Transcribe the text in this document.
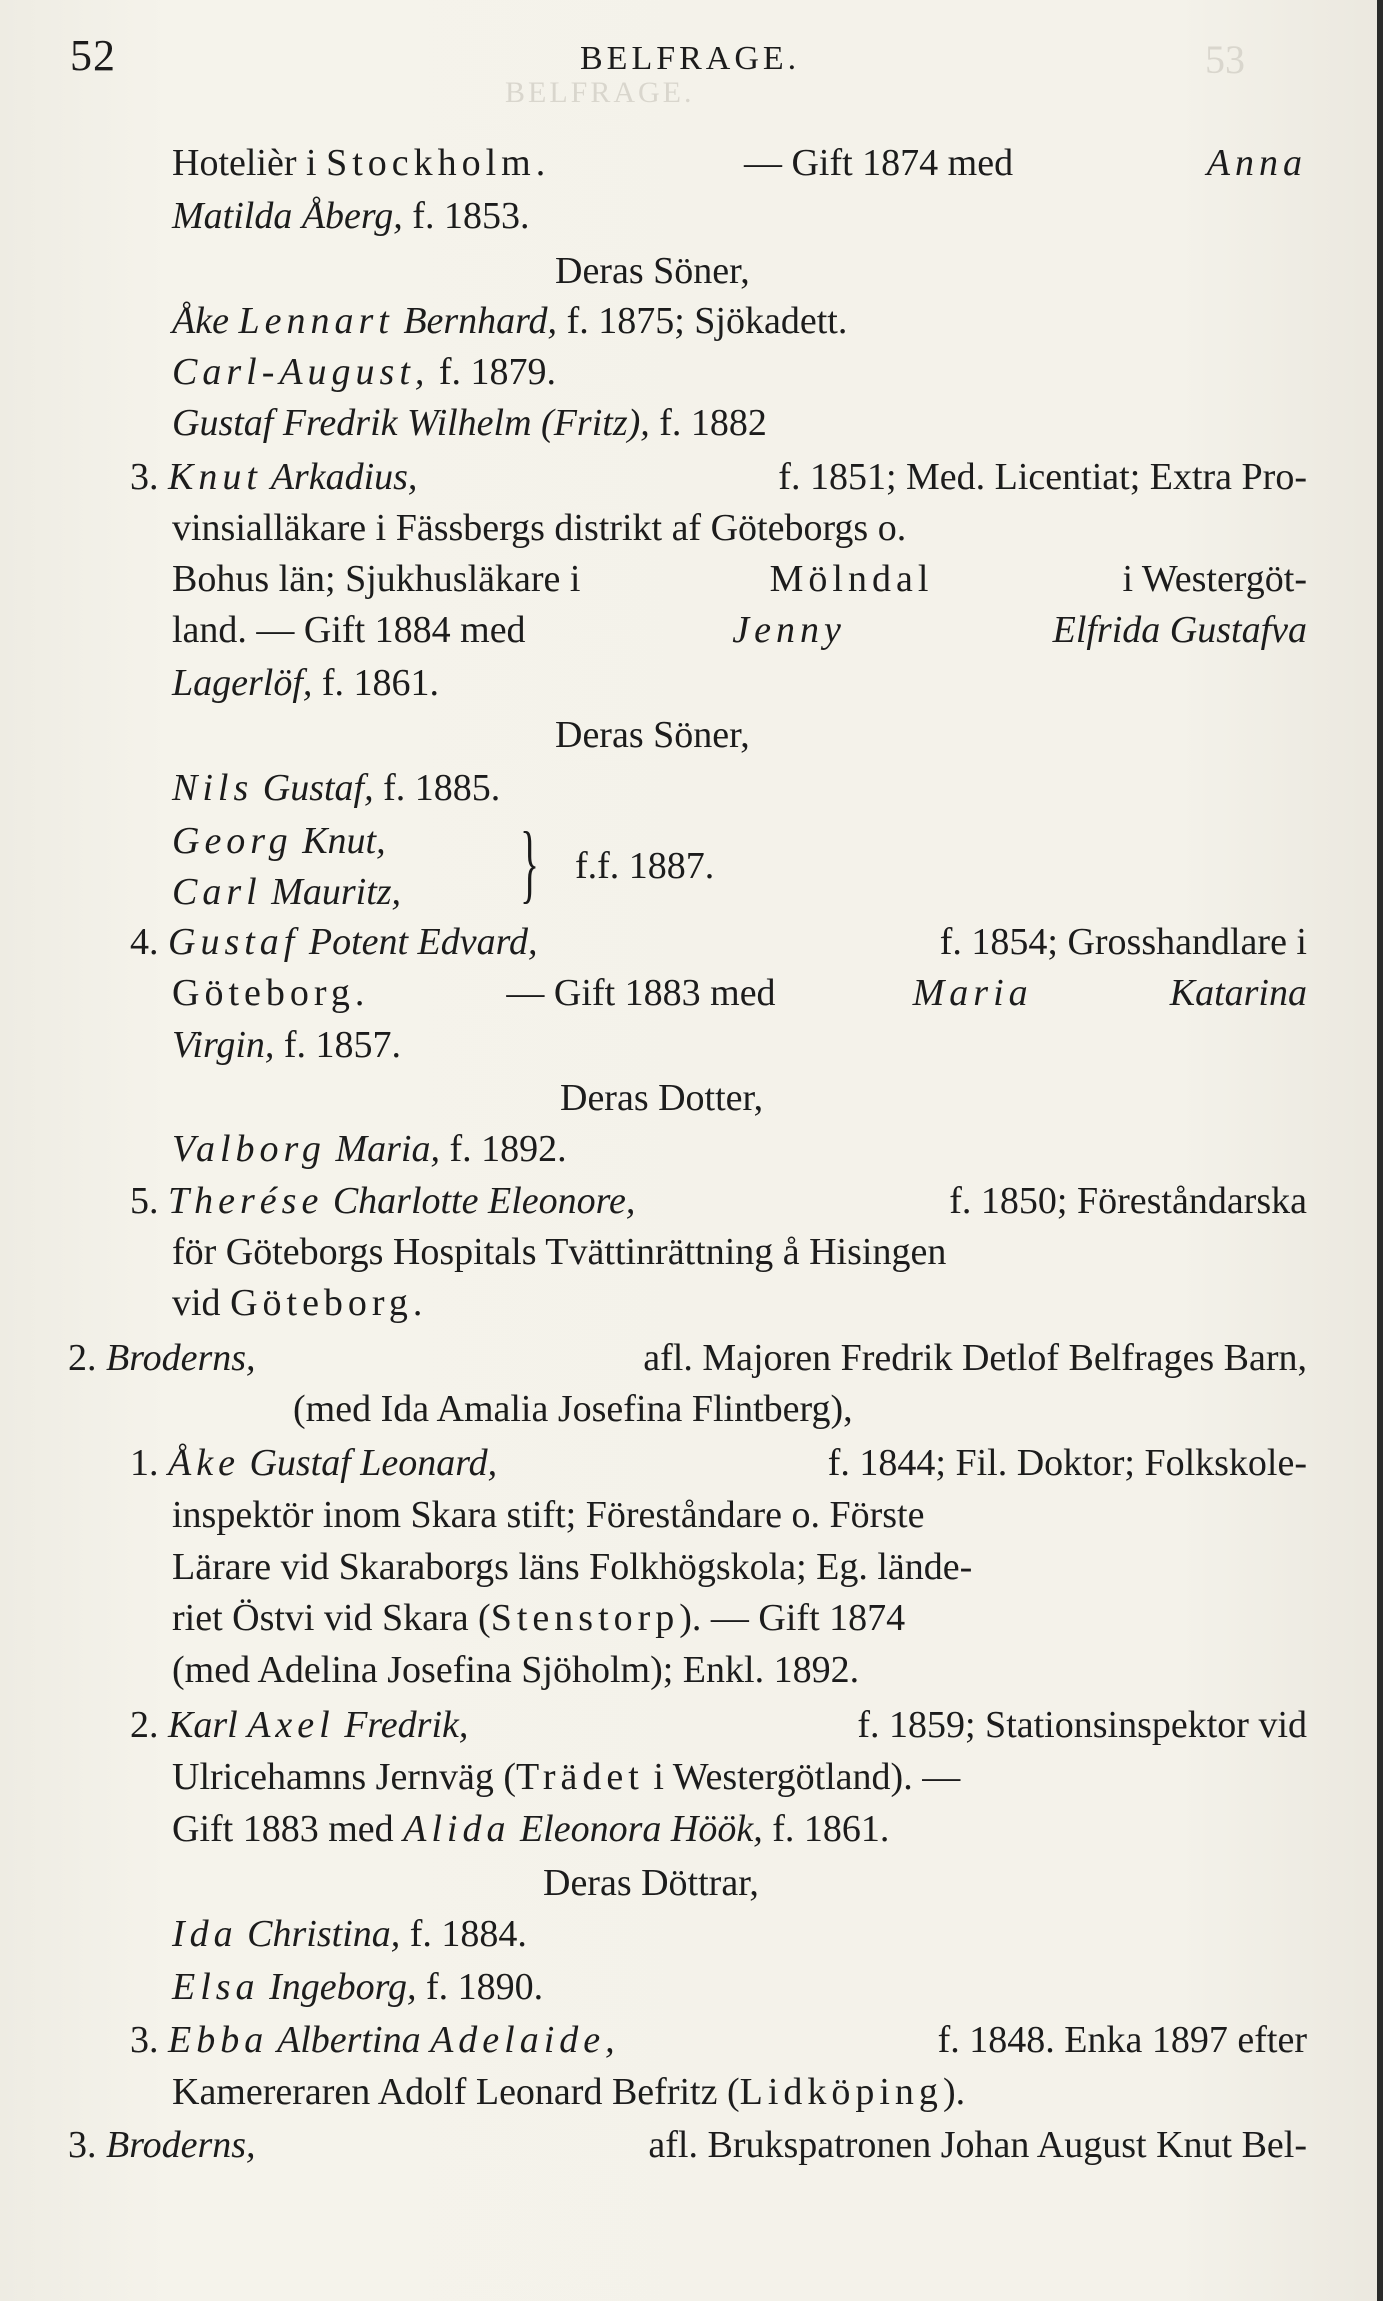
53
BELFRAGE.
52	BELFRAGE.
Hotelièr i Stockholm.	— Gift 1874 med	Anna
Matilda Åberg, f. 1853.
Deras Söner,
Åke Lennart Bernhard, f. 1875; Sjökadett.
Carl-August, f. 1879.
Gustaf Fredrik Wilhelm (Fritz), f. 1882
3. Knut Arkadius,	f. 1851; Med. Licentiat; Extra Pro-
vinsialläkare i Fässbergs distrikt af Göteborgs o.
Bohus län; Sjukhusläkare i	Mölndal	i Westergöt-
land. — Gift 1884 med	Jenny	Elfrida Gustafva
Lagerlöf, f. 1861.
Deras Söner,
Nils Gustaf, f. 1885.
Georg Knut, } f.f. 1887.
Carl Mauritz,
4. Gustaf Potent Edvard,	f. 1854; Grosshandlare i
Göteborg.	— Gift 1883 med	Maria	Katarina
Virgin, f. 1857.
Deras Dotter,
Valborg Maria, f. 1892.
5. Therése Charlotte Eleonore,	f. 1850; Föreståndarska
för Göteborgs Hospitals Tvättinrättning å Hisingen
vid Göteborg.
2. Broderns,	afl. Majoren Fredrik Detlof Belfrages Barn,
(med Ida Amalia Josefina Flintberg),
1. Åke Gustaf Leonard,	f. 1844; Fil. Doktor; Folkskole-
inspektör inom Skara stift; Föreståndare o. Förste
Lärare vid Skaraborgs läns Folkhögskola; Eg. lände-
riet Östvi vid Skara (Stenstorp). — Gift 1874
(med Adelina Josefina Sjöholm); Enkl. 1892.
2. Karl Axel Fredrik,	f. 1859; Stationsinspektor vid
Ulricehamns Jernväg (Trädet i Westergötland). —
Gift 1883 med Alida Eleonora Höök, f. 1861.
Deras Döttrar,
Ida Christina, f. 1884.
Elsa Ingeborg, f. 1890.
3. Ebba Albertina Adelaide,	f. 1848. Enka 1897 efter
Kamereraren Adolf Leonard Befritz (Lidköping).
3. Broderns,	afl. Brukspatronen Johan August Knut Bel-
